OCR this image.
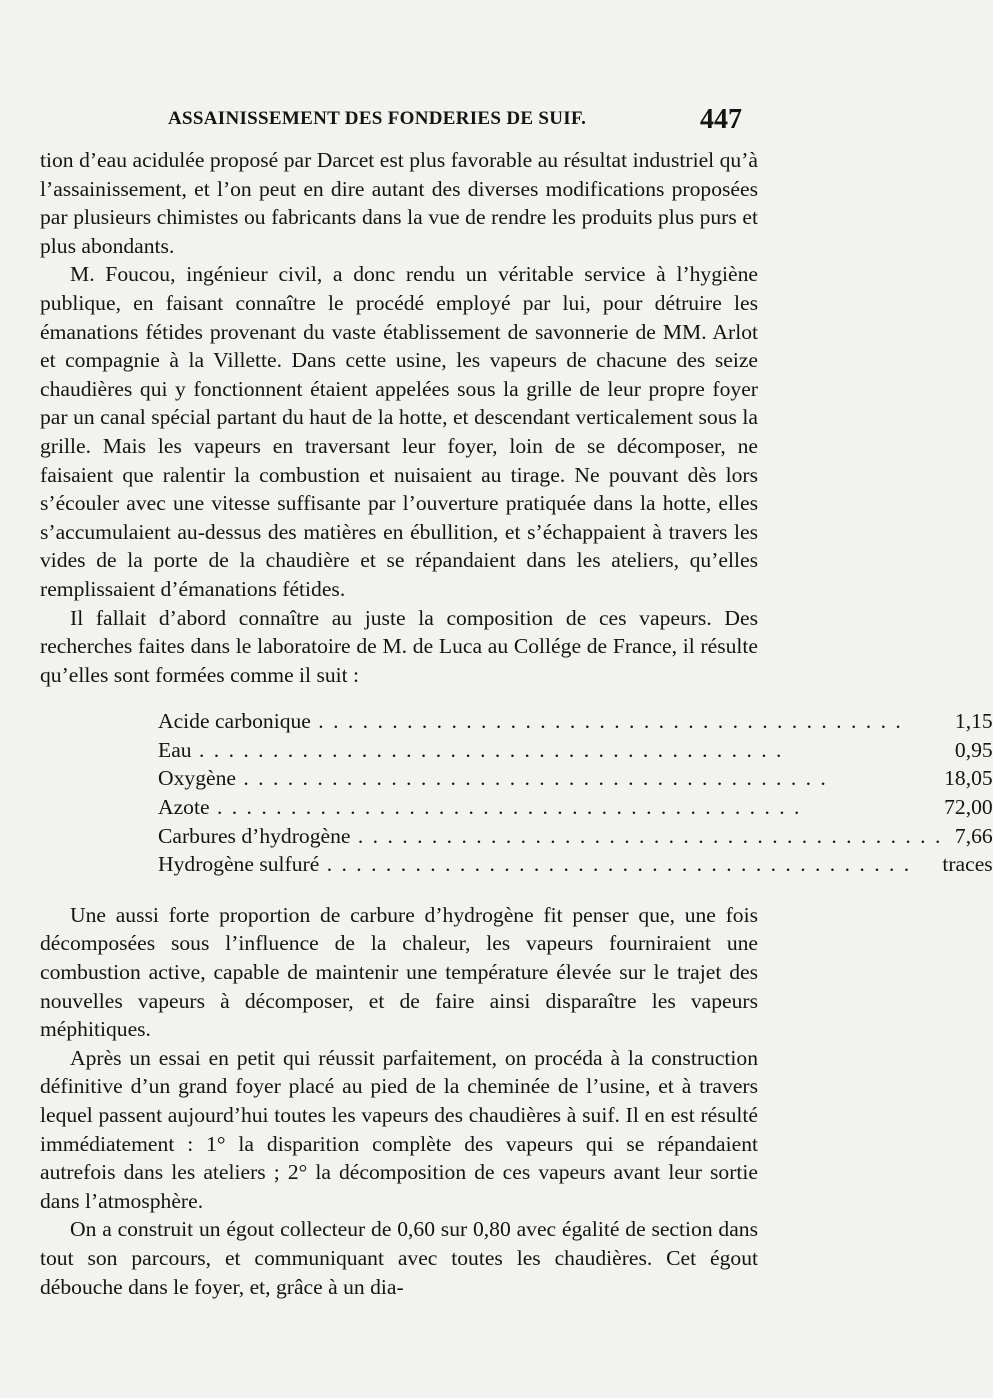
ASSAINISSEMENT DES FONDERIES DE SUIF.	447

tion d’eau acidulée proposé par Darcet est plus favorable au résultat industriel qu’à l’assainissement, et l’on peut en dire autant des diverses modifications proposées par plusieurs chimistes ou fabricants dans la vue de rendre les produits plus purs et plus abondants.

M. Foucou, ingénieur civil, a donc rendu un véritable service à l’hygiène publique, en faisant connaître le procédé employé par lui, pour détruire les émanations fétides provenant du vaste établissement de savonnerie de MM. Arlot et compagnie à la Villette. Dans cette usine, les vapeurs de chacune des seize chaudières qui y fonctionnent étaient appelées sous la grille de leur propre foyer par un canal spécial partant du haut de la hotte, et descendant verticalement sous la grille. Mais les vapeurs en traversant leur foyer, loin de se décomposer, ne faisaient que ralentir la combustion et nuisaient au tirage. Ne pouvant dès lors s’écouler avec une vitesse suffisante par l’ouverture pratiquée dans la hotte, elles s’accumulaient au-dessus des matières en ébullition, et s’échappaient à travers les vides de la porte de la chaudière et se répandaient dans les ateliers, qu’elles remplissaient d’émanations fétides.

Il fallait d’abord connaître au juste la composition de ces vapeurs. Des recherches faites dans le laboratoire de M. de Luca au Collége de France, il résulte qu’elles sont formées comme il suit :

Acide carbonique . . .	1,15
Eau . . .	0,95
Oxygène . . .	18,05
Azote . . .	72,00
Carbures d’hydrogène . . .	7,66
Hydrogène sulfuré . . .	traces

Une aussi forte proportion de carbure d’hydrogène fit penser que, une fois décomposées sous l’influence de la chaleur, les vapeurs fourniraient une combustion active, capable de maintenir une température élevée sur le trajet des nouvelles vapeurs à décomposer, et de faire ainsi disparaître les vapeurs méphitiques.

Après un essai en petit qui réussit parfaitement, on procéda à la construction définitive d’un grand foyer placé au pied de la cheminée de l’usine, et à travers lequel passent aujourd’hui toutes les vapeurs des chaudières à suif. Il en est résulté immédiatement : 1° la disparition complète des vapeurs qui se répandaient autrefois dans les ateliers ; 2° la décomposition de ces vapeurs avant leur sortie dans l’atmosphère.

On a construit un égout collecteur de 0,60 sur 0,80 avec égalité de section dans tout son parcours, et communiquant avec toutes les chaudières. Cet égout débouche dans le foyer, et, grâce à un dia-
